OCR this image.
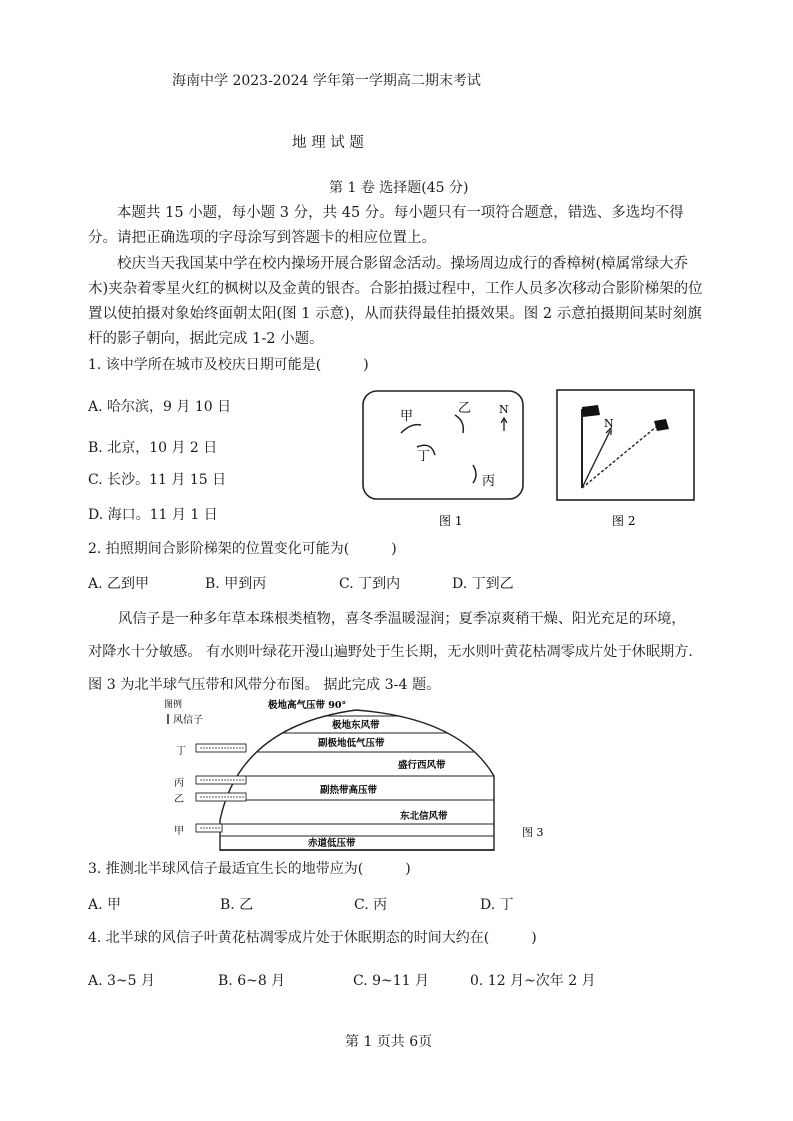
海南中学 2023-2024 学年第一学期高二期末考试
地 理 试 题
第 1 卷 选择题(45 分)
本题共 15 小题，每小题 3 分，共 45 分。每小题只有一项符合题意，错选、多选均不得分。请把正确选项的字母涂写到答题卡的相应位置上。
校庆当天我国某中学在校内操场开展合影留念活动。操场周边成行的香樟树(樟属常绿大乔木)夹杂着零星火红的枫树以及金黄的银杏。合影拍摄过程中，工作人员多次移动合影阶梯架的位置以使拍摄对象始终面朝太阳(图 1 示意)，从而获得最佳拍摄效果。图 2 示意拍摄期间某时刻旗杆的影子朝向，据此完成 1-2 小题。
1. 该中学所在城市及校庆日期可能是(　　　)
A. 哈尔滨，9 月 10 日
B. 北京，10 月 2 日
C. 长沙。11 月 15 日
D. 海口。11 月 1 日
甲
乙	N
丁
丙
图 1
N
图 2
2. 拍照期间合影阶梯架的位置变化可能为(　　　)
A. 乙到甲	B. 甲到丙	C. 丁到内	D. 丁到乙
风信子是一种多年草本珠根类植物，喜冬季温暖湿润；夏季凉爽稍干燥、阳光充足的环境，
对降水十分敏感。 有水则叶绿花开漫山遍野处于生长期，无水则叶黄花枯凋零成片处于休眠期方.
图 3 为北半球气压带和风带分布图。 据此完成 3-4 题。
图例
风信子
极地高气压带 90°
极地东风带
副极地低气压带
盛行西风带
副热带高压带
东北信风带
赤道低压带
丁
丙
乙
甲	图 3
3. 推测北半球风信子最适宜生长的地带应为(　　　)
A. 甲	B. 乙	C. 丙	D. 丁
4. 北半球的风信子叶黄花枯凋零成片处于休眠期态的时间大约在(　　　)
A. 3~5 月	B. 6~8 月	C. 9~11 月	0. 12 月~次年 2 月
第 1 页共 6页
